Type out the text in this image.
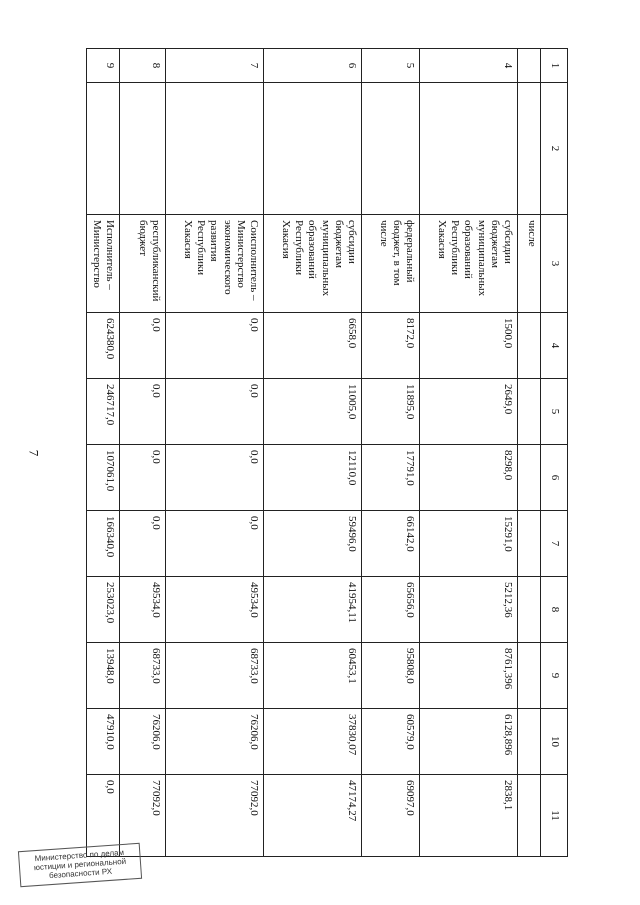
7
1	2	3	4	5	6	7	8	9	10	11
		числе								
4		субсидии бюджетам муниципальных образований Республики Хакасия	1500,0	2649,0	8298,0	15291,0	5212,36	8761,396	6128,896	2838,1
5		федеральный бюджет, в том числе	8172,0	11895,0	17791,0	66142,0	65656,0	95808,0	60579,0	69097,0
6		субсидии бюджетам муниципальных образований Республики Хакасия	6658,0	11005,0	12110,0	59496,0	41954,11	60453,1	37830,07	47174,27
7		Соисполнитель – Министерство экономического развития Республики Хакасия	0,0	0,0	0,0	0,0	49534,0	68733,0	76206,0	77092,0
8		республиканский бюджет	0,0	0,0	0,0	0,0	49534,0	68733,0	76206,0	77092,0
9		Исполнитель – Министерство	624380,0	246717,0	107061,0	166340,0	253023,0	13948,0	47910,0	0,0
Министерство по делам юстиции и региональной безопасности РХ
